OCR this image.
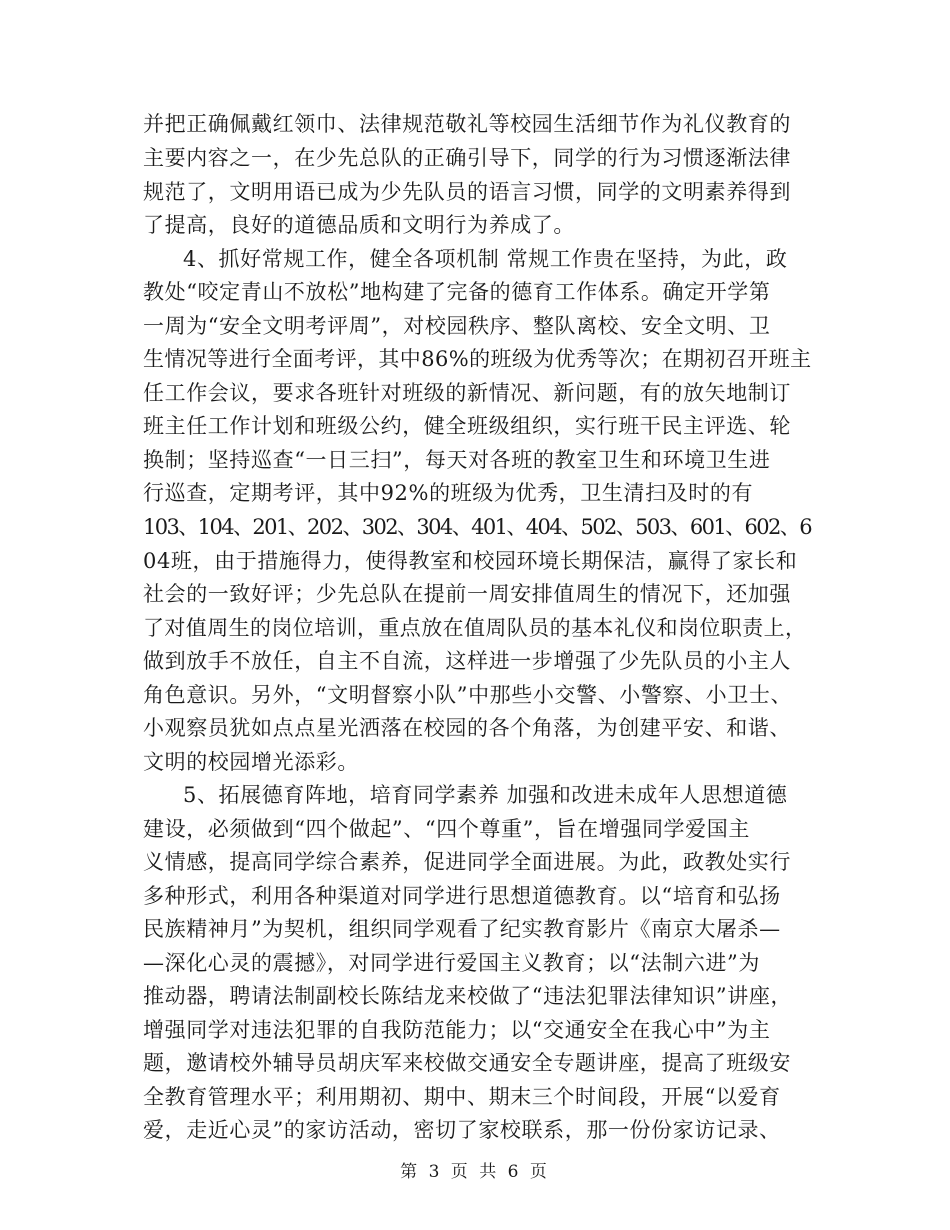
并把正确佩戴红领巾、法律规范敬礼等校园生活细节作为礼仪教育的
主要内容之一，在少先总队的正确引导下，同学的行为习惯逐渐法律
规范了，文明用语已成为少先队员的语言习惯，同学的文明素养得到
了提高，良好的道德品质和文明行为养成了。
4、抓好常规工作，健全各项机制 常规工作贵在坚持，为此，政
教处“咬定青山不放松”地构建了完备的德育工作体系。确定开学第
一周为“安全文明考评周”，对校园秩序、整队离校、安全文明、卫
生情况等进行全面考评，其中86%的班级为优秀等次；在期初召开班主
任工作会议，要求各班针对班级的新情况、新问题，有的放矢地制订
班主任工作计划和班级公约，健全班级组织，实行班干民主评选、轮
换制；坚持巡查“一日三扫”，每天对各班的教室卫生和环境卫生进
行巡查，定期考评，其中92%的班级为优秀，卫生清扫及时的有
103、104、201、202、302、304、401、404、502、503、601、602、6
04班，由于措施得力，使得教室和校园环境长期保洁，赢得了家长和
社会的一致好评；少先总队在提前一周安排值周生的情况下，还加强
了对值周生的岗位培训，重点放在值周队员的基本礼仪和岗位职责上，
做到放手不放任，自主不自流，这样进一步增强了少先队员的小主人
角色意识。另外，“文明督察小队”中那些小交警、小警察、小卫士、
小观察员犹如点点星光洒落在校园的各个角落，为创建平安、和谐、
文明的校园增光添彩。
5、拓展德育阵地，培育同学素养 加强和改进未成年人思想道德
建设，必须做到“四个做起”、“四个尊重”，旨在增强同学爱国主
义情感，提高同学综合素养，促进同学全面进展。为此，政教处实行
多种形式，利用各种渠道对同学进行思想道德教育。以“培育和弘扬
民族精神月”为契机，组织同学观看了纪实教育影片《南京大屠杀—
—深化心灵的震撼》，对同学进行爱国主义教育；以“法制六进”为
推动器，聘请法制副校长陈结龙来校做了“违法犯罪法律知识”讲座，
增强同学对违法犯罪的自我防范能力；以“交通安全在我心中”为主
题，邀请校外辅导员胡庆军来校做交通安全专题讲座，提高了班级安
全教育管理水平；利用期初、期中、期末三个时间段，开展“以爱育
爱，走近心灵”的家访活动，密切了家校联系，那一份份家访记录、
第 3 页 共 6 页
